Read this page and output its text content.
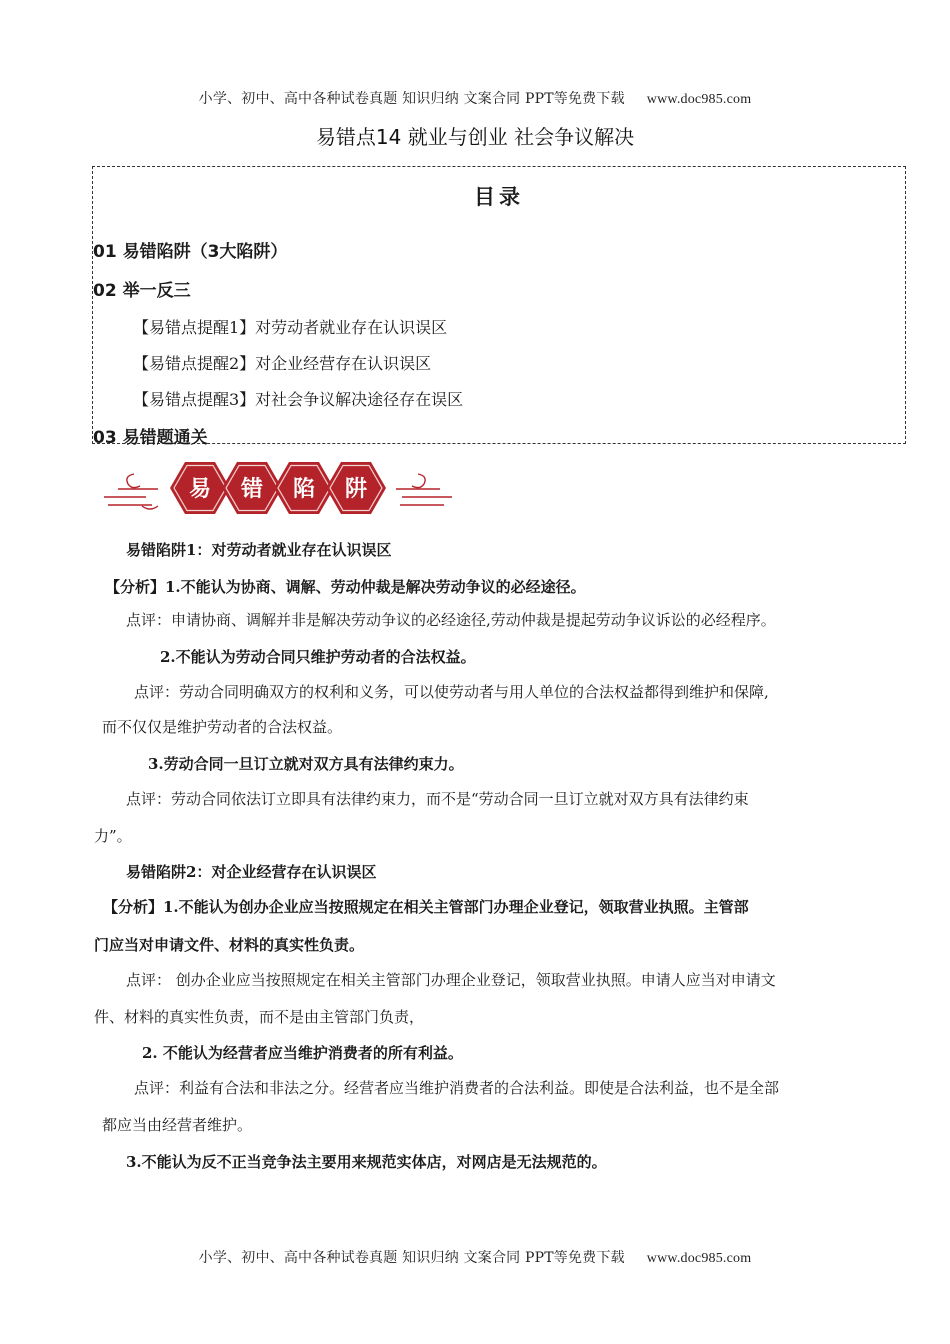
小学、初中、高中各种试卷真题 知识归纳 文案合同 PPT等免费下载 www.doc985.com
易错点14 就业与创业 社会争议解决
目录
01 易错陷阱（3大陷阱）
02 举一反三
【易错点提醒1】对劳动者就业存在认识误区
【易错点提醒2】对企业经营存在认识误区
【易错点提醒3】对社会争议解决途径存在误区
03 易错题通关
易 错 陷 阱
易错陷阱1：对劳动者就业存在认识误区
【分析】1.不能认为协商、调解、劳动仲裁是解决劳动争议的必经途径。
点评：申请协商、调解并非是解决劳动争议的必经途径,劳动仲裁是提起劳动争议诉讼的必经程序。
2.不能认为劳动合同只维护劳动者的合法权益。
点评：劳动合同明确双方的权利和义务，可以使劳动者与用人单位的合法权益都得到维护和保障,
而不仅仅是维护劳动者的合法权益。
3.劳动合同一旦订立就对双方具有法律约束力。
点评：劳动合同依法订立即具有法律约束力，而不是“劳动合同一旦订立就对双方具有法律约束
力”。
易错陷阱2：对企业经营存在认识误区
【分析】1.不能认为创办企业应当按照规定在相关主管部门办理企业登记，领取营业执照。主管部
门应当对申请文件、材料的真实性负责。
点评： 创办企业应当按照规定在相关主管部门办理企业登记，领取营业执照。申请人应当对申请文
件、材料的真实性负责，而不是由主管部门负责，
2. 不能认为经营者应当维护消费者的所有利益。
点评：利益有合法和非法之分。经营者应当维护消费者的合法利益。即使是合法利益，也不是全部
都应当由经营者维护。
3.不能认为反不正当竞争法主要用来规范实体店，对网店是无法规范的。
小学、初中、高中各种试卷真题 知识归纳 文案合同 PPT等免费下载 www.doc985.com
